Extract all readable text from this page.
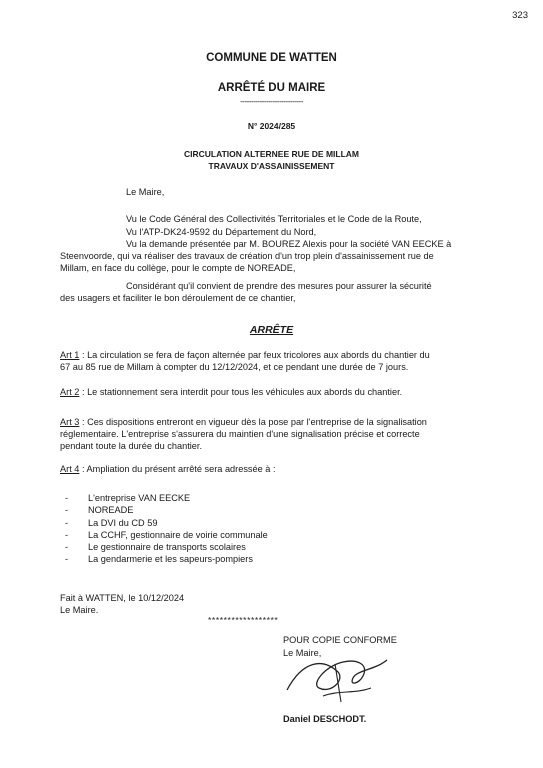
323
COMMUNE DE WATTEN
ARRÊTÉ DU MAIRE
-----------------------------
N° 2024/285
CIRCULATION ALTERNEE RUE DE MILLAM
TRAVAUX D'ASSAINISSEMENT
Le Maire,
Vu le Code Général des Collectivités Territoriales et le Code de la Route,
Vu l'ATP-DK24-9592 du Département du Nord,
Vu la demande présentée par M. BOUREZ Alexis pour la société VAN EECKE à
Steenvoorde, qui va réaliser des travaux de création d'un trop plein d'assainissement rue de
Millam, en face du collège, pour le compte de NOREADE,
Considérant qu'il convient de prendre des mesures pour assurer la sécurité
des usagers et faciliter le bon déroulement de ce chantier,
ARRÊTE
Art 1 : La circulation se fera de façon alternée par feux tricolores aux abords du chantier du
67 au 85 rue de Millam à compter du 12/12/2024, et ce pendant une durée de 7 jours.
Art 2 : Le stationnement sera interdit pour tous les véhicules aux abords du chantier.
Art 3 : Ces dispositions entreront en vigueur dès la pose par l'entreprise de la signalisation
réglementaire. L'entreprise s'assurera du maintien d'une signalisation précise et correcte
pendant toute la durée du chantier.
Art 4 : Ampliation du présent arrêté sera adressée à :
- L'entreprise VAN EECKE
- NOREADE
- La DVI du CD 59
- La CCHF, gestionnaire de voirie communale
- Le gestionnaire de transports scolaires
- La gendarmerie et les sapeurs-pompiers
Fait à WATTEN, le 10/12/2024
Le Maire.
******************
POUR COPIE CONFORME
Le Maire,
Daniel DESCHODT.
